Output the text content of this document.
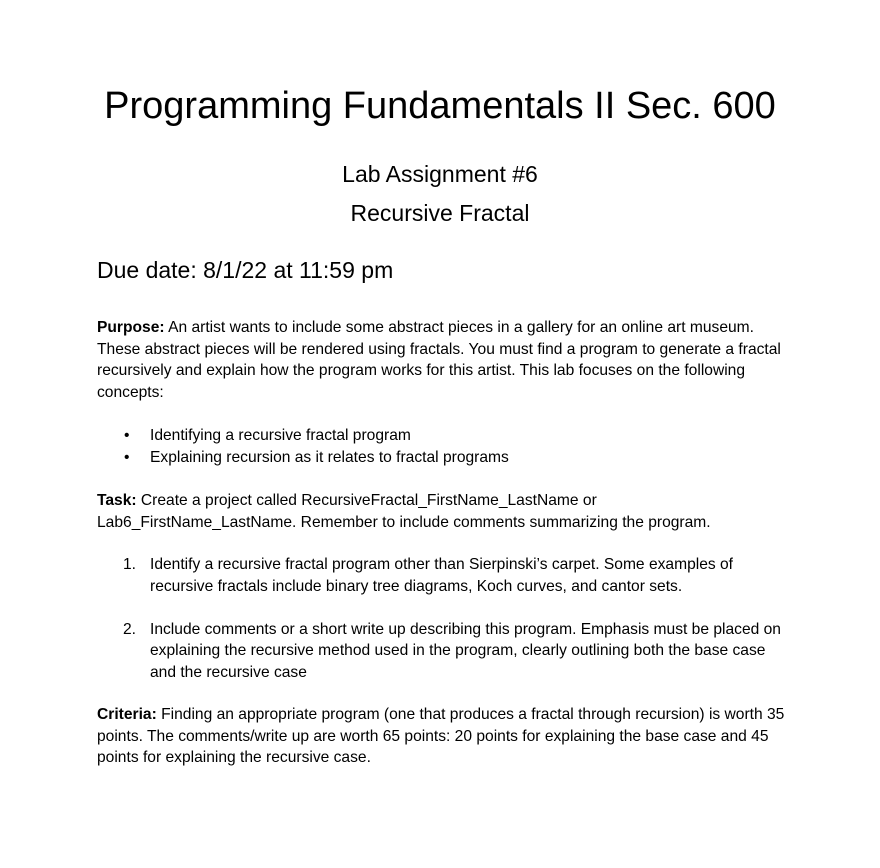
Programming Fundamentals II Sec. 600
Lab Assignment #6
Recursive Fractal
Due date: 8/1/22 at 11:59 pm

Purpose: An artist wants to include some abstract pieces in a gallery for an online art museum. These abstract pieces will be rendered using fractals. You must find a program to generate a fractal recursively and explain how the program works for this artist. This lab focuses on the following concepts:

• Identifying a recursive fractal program
• Explaining recursion as it relates to fractal programs

Task: Create a project called RecursiveFractal_FirstName_LastName or Lab6_FirstName_LastName. Remember to include comments summarizing the program.

1. Identify a recursive fractal program other than Sierpinski’s carpet. Some examples of recursive fractals include binary tree diagrams, Koch curves, and cantor sets.
2. Include comments or a short write up describing this program. Emphasis must be placed on explaining the recursive method used in the program, clearly outlining both the base case and the recursive case

Criteria: Finding an appropriate program (one that produces a fractal through recursion) is worth 35 points. The comments/write up are worth 65 points: 20 points for explaining the base case and 45 points for explaining the recursive case.
